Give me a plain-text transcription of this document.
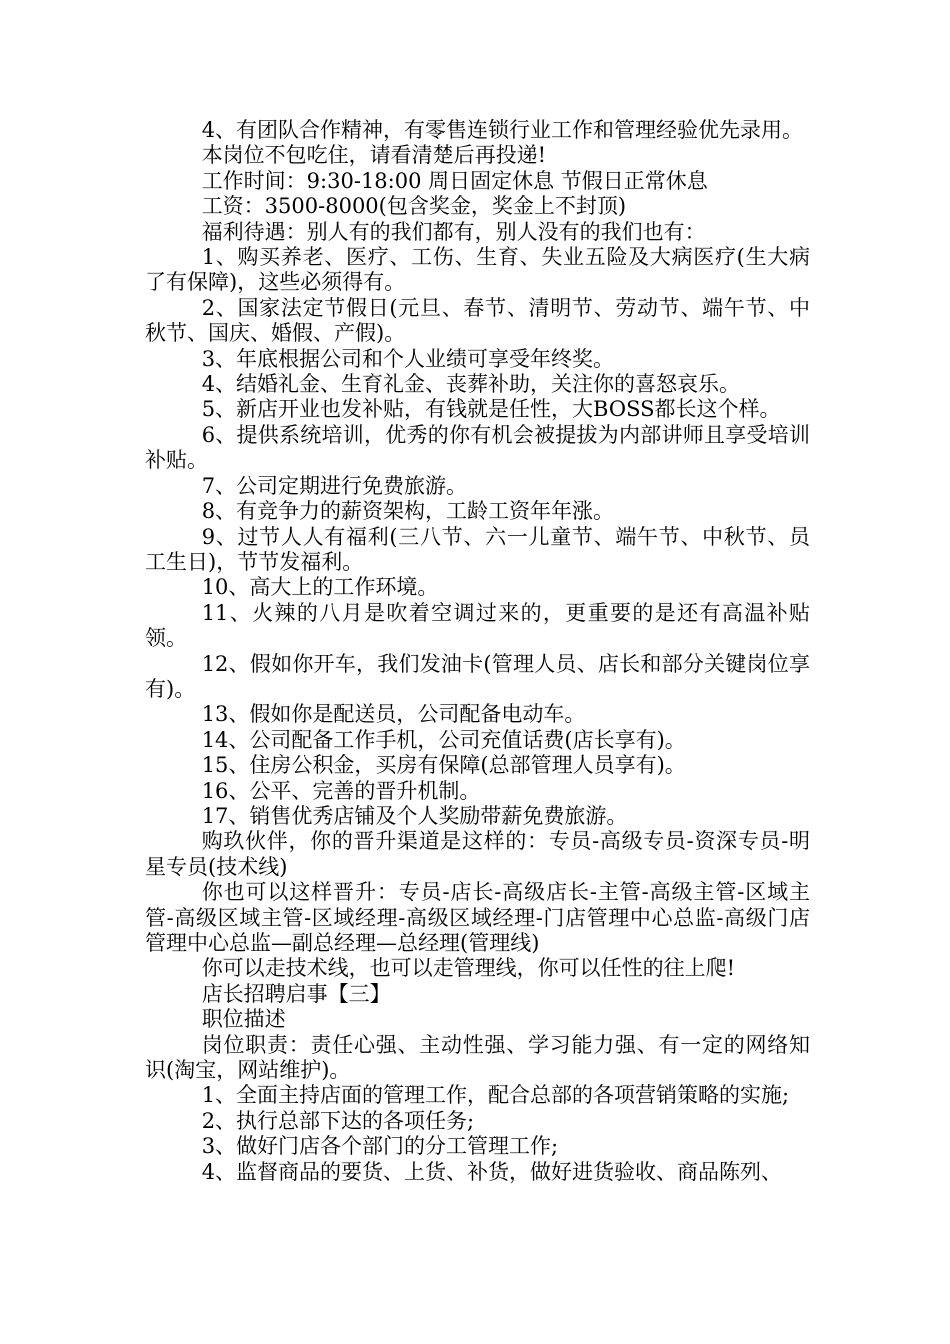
4、有团队合作精神，有零售连锁行业工作和管理经验优先录用。

本岗位不包吃住，请看清楚后再投递!

工作时间：9:30-18:00 周日固定休息 节假日正常休息

工资：3500-8000(包含奖金，奖金上不封顶)

福利待遇：别人有的我们都有，别人没有的我们也有：

1、购买养老、医疗、工伤、生育、失业五险及大病医疗(生大病了有保障)，这些必须得有。

2、国家法定节假日(元旦、春节、清明节、劳动节、端午节、中秋节、国庆、婚假、产假)。

3、年底根据公司和个人业绩可享受年终奖。

4、结婚礼金、生育礼金、丧葬补助，关注你的喜怒哀乐。

5、新店开业也发补贴，有钱就是任性，大BOSS都长这个样。

6、提供系统培训，优秀的你有机会被提拔为内部讲师且享受培训补贴。

7、公司定期进行免费旅游。

8、有竞争力的薪资架构，工龄工资年年涨。

9、过节人人有福利(三八节、六一儿童节、端午节、中秋节、员工生日)，节节发福利。

10、高大上的工作环境。

11、火辣的八月是吹着空调过来的，更重要的是还有高温补贴领。

12、假如你开车，我们发油卡(管理人员、店长和部分关键岗位享有)。

13、假如你是配送员，公司配备电动车。

14、公司配备工作手机，公司充值话费(店长享有)。

15、住房公积金，买房有保障(总部管理人员享有)。

16、公平、完善的晋升机制。

17、销售优秀店铺及个人奖励带薪免费旅游。

购玖伙伴，你的晋升渠道是这样的：专员-高级专员-资深专员-明星专员(技术线)

你也可以这样晋升：专员-店长-高级店长-主管-高级主管-区域主管-高级区域主管-区域经理-高级区域经理-门店管理中心总监-高级门店管理中心总监—副总经理—总经理(管理线)

你可以走技术线，也可以走管理线，你可以任性的往上爬!

店长招聘启事【三】

职位描述

岗位职责：责任心强、主动性强、学习能力强、有一定的网络知识(淘宝，网站维护)。

1、全面主持店面的管理工作，配合总部的各项营销策略的实施;

2、执行总部下达的各项任务;

3、做好门店各个部门的分工管理工作;

4、监督商品的要货、上货、补货，做好进货验收、商品陈列、
